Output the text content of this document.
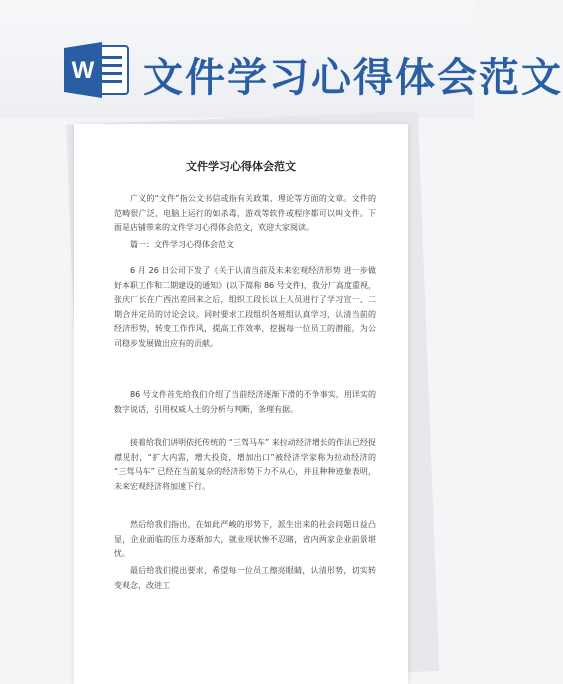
W 文件学习心得体会范文
文件学习心得体会范文

广义的“文件”指公文书信或指有关政策、理论等方面的文章。文件的范畴很广泛，电脑上运行的如杀毒，游戏等软件或程序都可以叫文件。下面是店铺带来的文件学习心得体会范文，欢迎大家阅读。

篇一：文件学习心得体会范文

6 月 26 日公司下发了《关于认清当前及未来宏观经济形势 进一步做好本职工作和二期建设的通知》(以下简称 86 号文件)，我分厂高度重视，张庆厂长在广西出差回来之后，组织工段长以上人员进行了学习宣一、二期合并定员的讨论会议。同时要求工段组织各班组认真学习，认清当前的经济形势，转变工作作风，提高工作效率，挖掘每一位员工的潜能，为公司稳步发展做出应有的贡献。

86 号文件首先给我们介绍了当前经济逐渐下滑的不争事实，用详实的数字说话，引用权威人士的分析与判断，条理有据。

接着给我们讲明依托传统的 “三驾马车” 来拉动经济增长的作法已经捉襟见肘，“扩大内需，增大投资，增加出口”被经济学家称为拉动经济的 “三驾马车” 已经在当前复杂的经济形势下力不从心，并且种种迹象表明，未来宏观经济将加速下行。

然后给我们指出，在如此严峻的形势下，派生出来的社会问题日益凸显，企业面临的压力逐渐加大，就业现状惨不忍睹，省内两家企业前景堪忧。

最后给我们提出要求，希望每一位员工擦亮眼睛，认清形势，切实转变观念，改进工
